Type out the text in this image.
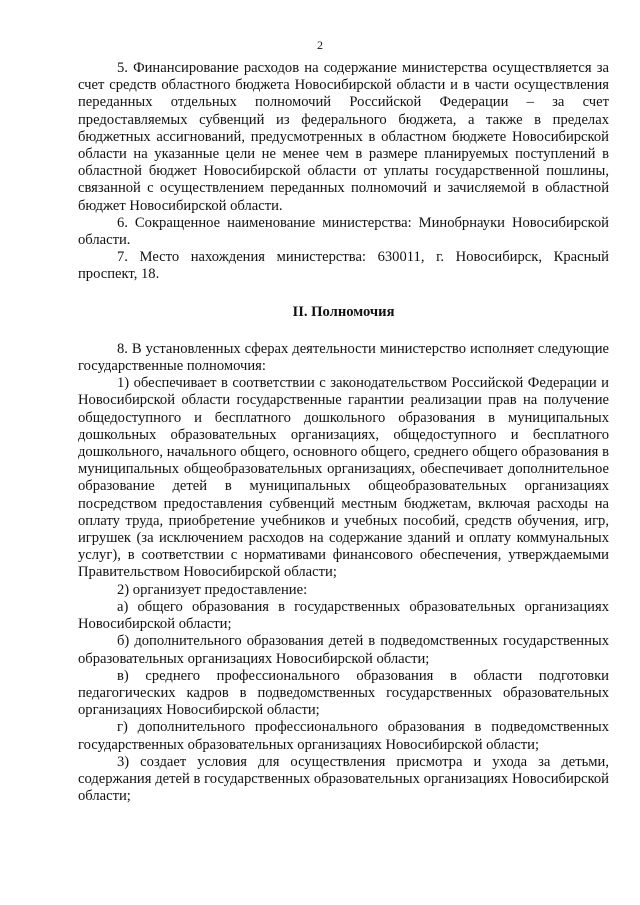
2

5. Финансирование расходов на содержание министерства осуществляется за счет средств областного бюджета Новосибирской области и в части осуществления переданных отдельных полномочий Российской Федерации – за счет предоставляемых субвенций из федерального бюджета, а также в пределах бюджетных ассигнований, предусмотренных в областном бюджете Новосибирской области на указанные цели не менее чем в размере планируемых поступлений в областной бюджет Новосибирской области от уплаты государственной пошлины, связанной с осуществлением переданных полномочий и зачисляемой в областной бюджет Новосибирской области.

6. Сокращенное наименование министерства: Минобрнауки Новосибирской области.

7. Место нахождения министерства: 630011, г. Новосибирск, Красный проспект, 18.

II. Полномочия

8. В установленных сферах деятельности министерство исполняет следующие государственные полномочия:

1) обеспечивает в соответствии с законодательством Российской Федерации и Новосибирской области государственные гарантии реализации прав на получение общедоступного и бесплатного дошкольного образования в муниципальных дошкольных образовательных организациях, общедоступного и бесплатного дошкольного, начального общего, основного общего, среднего общего образования в муниципальных общеобразовательных организациях, обеспечивает дополнительное образование детей в муниципальных общеобразовательных организациях посредством предоставления субвенций местным бюджетам, включая расходы на оплату труда, приобретение учебников и учебных пособий, средств обучения, игр, игрушек (за исключением расходов на содержание зданий и оплату коммунальных услуг), в соответствии с нормативами финансового обеспечения, утверждаемыми Правительством Новосибирской области;

2) организует предоставление:

а) общего образования в государственных образовательных организациях Новосибирской области;

б) дополнительного образования детей в подведомственных государственных образовательных организациях Новосибирской области;

в) среднего профессионального образования в области подготовки педагогических кадров в подведомственных государственных образовательных организациях Новосибирской области;

г) дополнительного профессионального образования в подведомственных государственных образовательных организациях Новосибирской области;

3) создает условия для осуществления присмотра и ухода за детьми, содержания детей в государственных образовательных организациях Новосибирской области;
